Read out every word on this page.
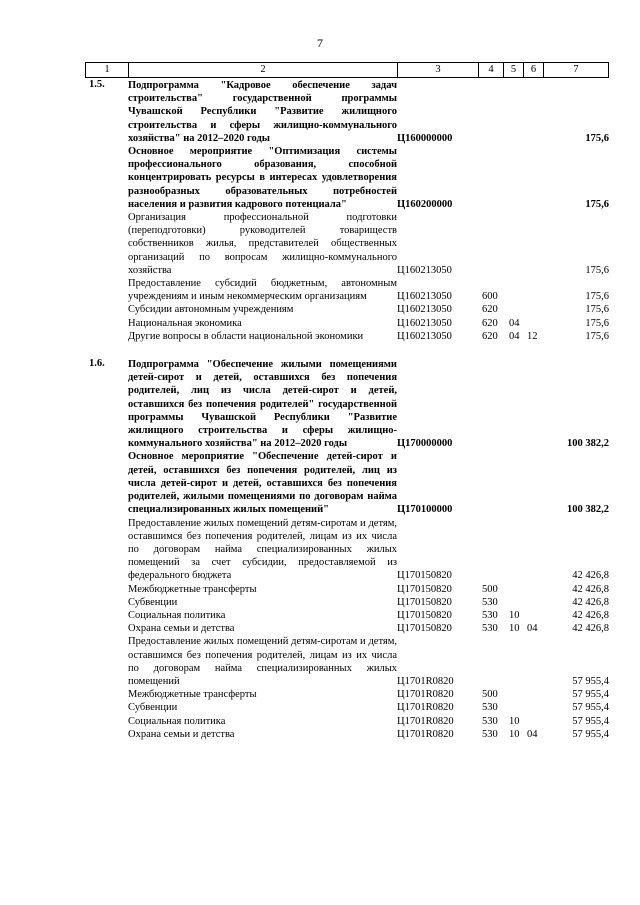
7
1	2	3	4	5	6	7
1.5. Подпрограмма "Кадровое обеспечение задач строительства" государственной программы Чувашской Республики "Развитие жилищного строительства и сферы жилищно-коммунального хозяйства" на 2012–2020 годы	Ц160000000	175,6
Основное мероприятие "Оптимизация системы профессионального образования, способной концентрировать ресурсы в интересах удовлетворения разнообразных образовательных потребностей населения и развития кадрового потенциала"	Ц160200000	175,6
Организация профессиональной подготовки (переподготовки) руководителей товариществ собственников жилья, представителей общественных организаций по вопросам жилищно-коммунального хозяйства	Ц160213050	175,6
Предоставление субсидий бюджетным, автономным учреждениям и иным некоммерческим организациям	Ц160213050	600	175,6
Субсидии автономным учреждениям	Ц160213050	620	175,6
Национальная экономика	Ц160213050	620 04	175,6
Другие вопросы в области национальной экономики	Ц160213050	620 04 12	175,6
1.6. Подпрограмма "Обеспечение жилыми помещениями детей-сирот и детей, оставшихся без попечения родителей, лиц из числа детей-сирот и детей, оставшихся без попечения родителей" государственной программы Чувашской Республики "Развитие жилищного строительства и сферы жилищно-коммунального хозяйства" на 2012–2020 годы	Ц170000000	100 382,2
Основное мероприятие "Обеспечение детей-сирот и детей, оставшихся без попечения родителей, лиц из числа детей-сирот и детей, оставшихся без попечения родителей, жилыми помещениями по договорам найма специализированных жилых помещений"	Ц170100000	100 382,2
Предоставление жилых помещений детям-сиротам и детям, оставшимся без попечения родителей, лицам из их числа по договорам найма специализированных жилых помещений за счет субсидии, предоставляемой из федерального бюджета	Ц170150820	42 426,8
Межбюджетные трансферты	Ц170150820	500	42 426,8
Субвенции	Ц170150820	530	42 426,8
Социальная политика	Ц170150820	530 10	42 426,8
Охрана семьи и детства	Ц170150820	530 10 04	42 426,8
Предоставление жилых помещений детям-сиротам и детям, оставшимся без попечения родителей, лицам из их числа по договорам найма специализированных жилых помещений	Ц1701R0820	57 955,4
Межбюджетные трансферты	Ц1701R0820	500	57 955,4
Субвенции	Ц1701R0820	530	57 955,4
Социальная политика	Ц1701R0820	530 10	57 955,4
Охрана семьи и детства	Ц1701R0820	530 10 04	57 955,4
